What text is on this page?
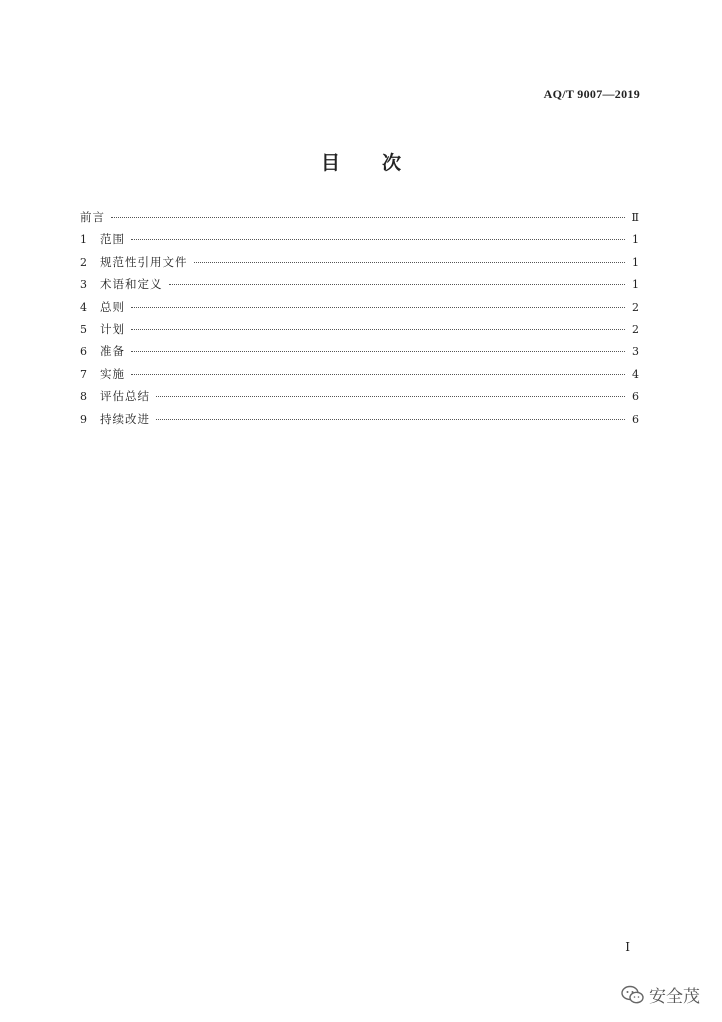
AQ/T 9007—2019
目 次
前言	Ⅱ
1	范围	1
2	规范性引用文件	1
3	术语和定义	1
4	总则	2
5	计划	2
6	准备	3
7	实施	4
8	评估总结	6
9	持续改进	6
I
安全茂
